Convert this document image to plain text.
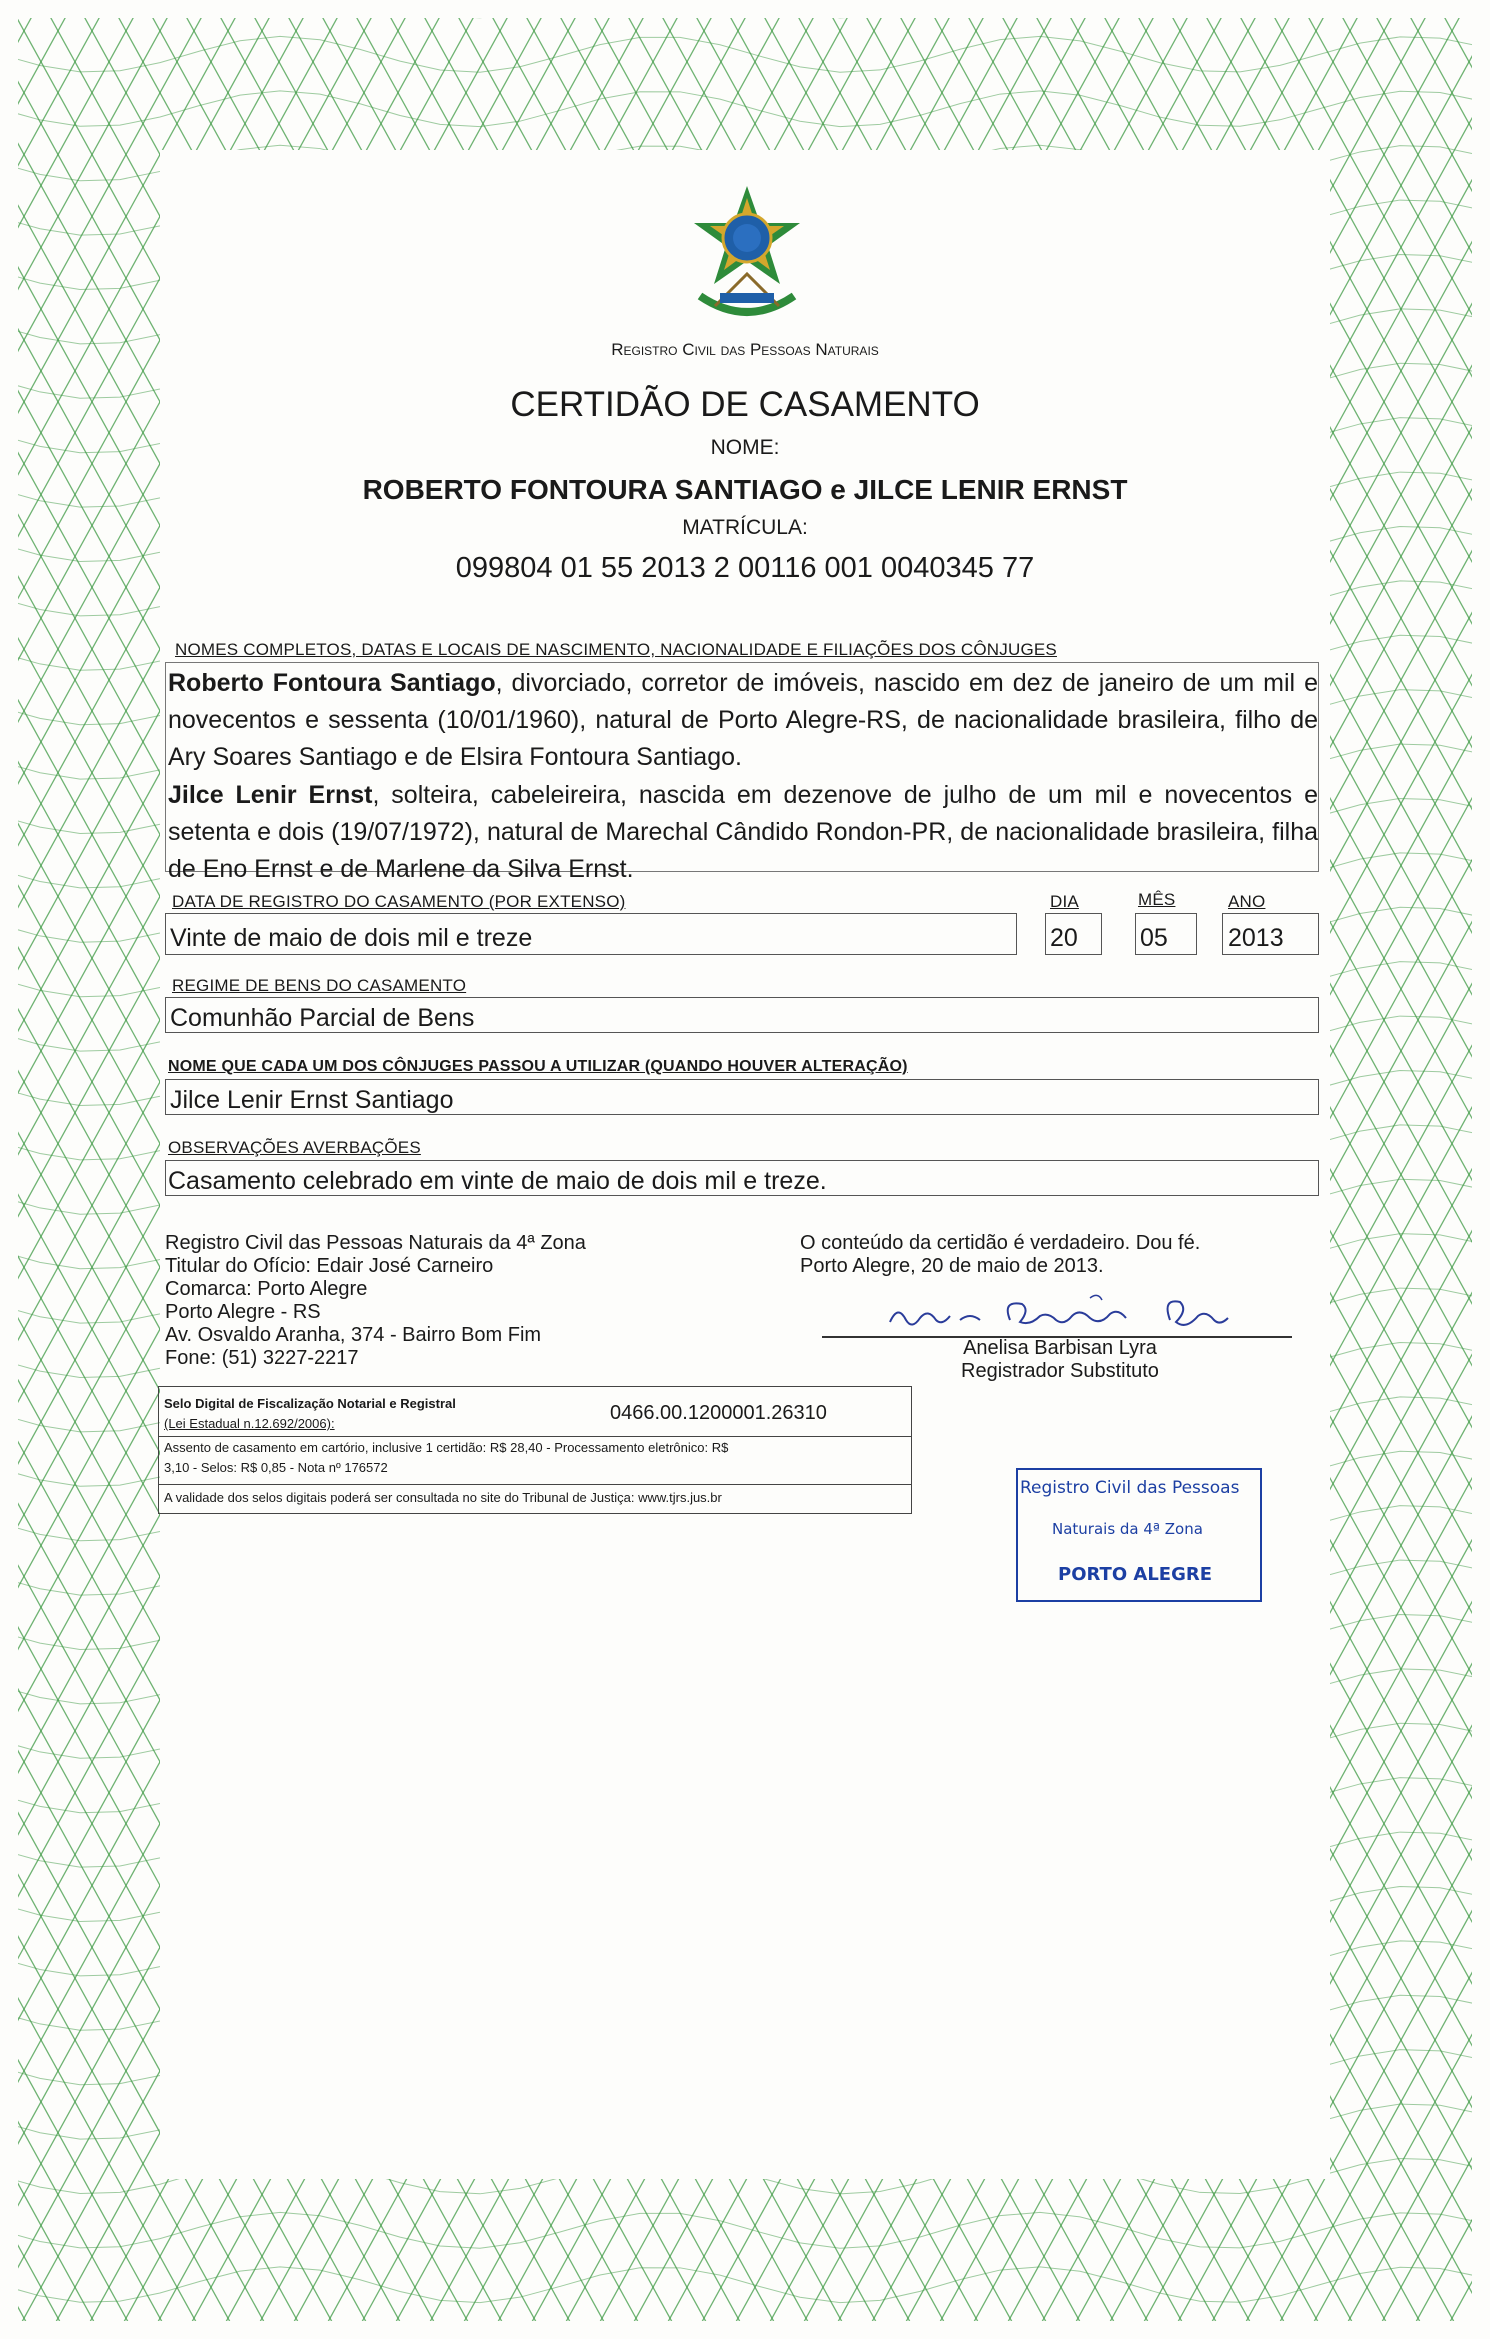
Registro Civil das Pessoas Naturais
CERTIDÃO DE CASAMENTO
NOME:
ROBERTO FONTOURA SANTIAGO e JILCE LENIR ERNST
MATRÍCULA:
099804 01 55 2013 2 00116 001 0040345 77
NOMES COMPLETOS, DATAS E LOCAIS DE NASCIMENTO, NACIONALIDADE E FILIAÇÕES DOS CÔNJUGES
Roberto Fontoura Santiago, divorciado, corretor de imóveis, nascido em dez de janeiro de um mil e novecentos e sessenta (10/01/1960), natural de Porto Alegre-RS, de nacionalidade brasileira, filho de Ary Soares Santiago e de Elsira Fontoura Santiago.
Jilce Lenir Ernst, solteira, cabeleireira, nascida em dezenove de julho de um mil e novecentos e setenta e dois (19/07/1972), natural de Marechal Cândido Rondon-PR, de nacionalidade brasileira, filha de Eno Ernst e de Marlene da Silva Ernst.
DATA DE REGISTRO DO CASAMENTO (POR EXTENSO)	DIA	MÊS	ANO
Vinte de maio de dois mil e treze	20 05 2013
REGIME DE BENS DO CASAMENTO
Comunhão Parcial de Bens
NOME QUE CADA UM DOS CÔNJUGES PASSOU A UTILIZAR (QUANDO HOUVER ALTERAÇÃO)
Jilce Lenir Ernst Santiago
OBSERVAÇÕES AVERBAÇÕES
Casamento celebrado em vinte de maio de dois mil e treze.
Registro Civil das Pessoas Naturais da 4ª Zona
Titular do Ofício: Edair José Carneiro
Comarca: Porto Alegre
Porto Alegre - RS
Av. Osvaldo Aranha, 374 - Bairro Bom Fim
Fone: (51) 3227-2217
O conteúdo da certidão é verdadeiro. Dou fé.
Porto Alegre, 20 de maio de 2013.
Anelisa Barbisan Lyra
Registrador Substituto
Selo Digital de Fiscalização Notarial e Registral
(Lei Estadual n.12.692/2006):	0466.00.1200001.26310
Assento de casamento em cartório, inclusive 1 certidão: R$ 28,40 - Processamento eletrônico: R$
3,10 - Selos: R$ 0,85 - Nota nº 176572
A validade dos selos digitais poderá ser consultada no site do Tribunal de Justiça: www.tjrs.jus.br	Registro Civil das Pessoas
Naturais da 4ª Zona
PORTO ALEGRE
